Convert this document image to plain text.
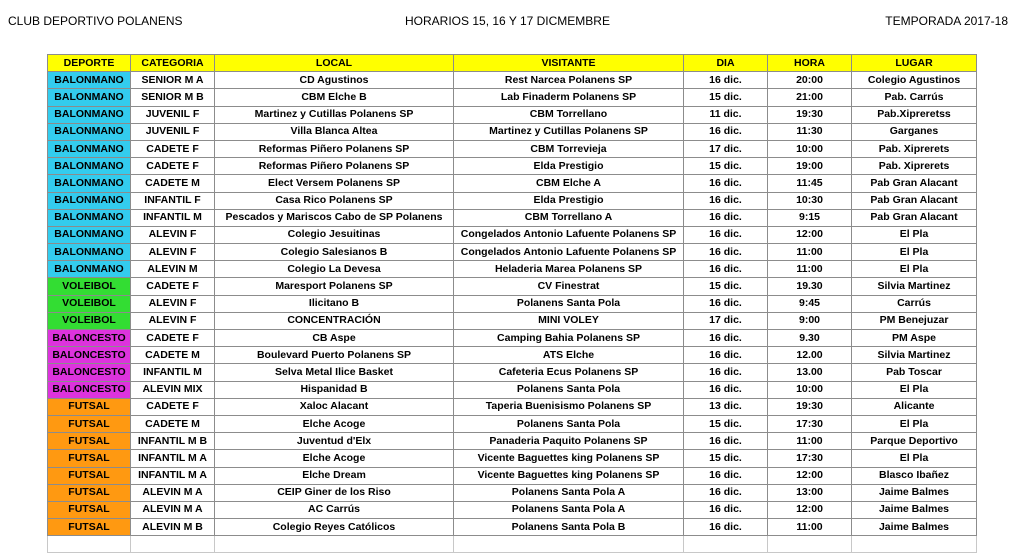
CLUB DEPORTIVO POLANENS	HORARIOS 15, 16 Y 17 DICMEMBRE	TEMPORADA 2017-18
DEPORTE	CATEGORIA	LOCAL	VISITANTE	DIA	HORA	LUGAR
BALONMANO	SENIOR M A	CD Agustinos	Rest Narcea Polanens SP	16 dic.	20:00	Colegio Agustinos
BALONMANO	SENIOR M B	CBM Elche B	Lab Finaderm Polanens SP	15 dic.	21:00	Pab. Carrús
BALONMANO	JUVENIL F	Martinez y Cutillas Polanens SP	CBM Torrellano	11 dic.	19:30	Pab.Xipreretss
BALONMANO	JUVENIL F	Villa Blanca Altea	Martinez y Cutillas Polanens SP	16 dic.	11:30	Garganes
BALONMANO	CADETE F	Reformas Piñero Polanens SP	CBM Torrevieja	17 dic.	10:00	Pab. Xiprerets
BALONMANO	CADETE F	Reformas Piñero Polanens SP	Elda Prestigio	15 dic.	19:00	Pab. Xiprerets
BALONMANO	CADETE M	Elect Versem Polanens SP	CBM Elche A	16 dic.	11:45	Pab Gran Alacant
BALONMANO	INFANTIL F	Casa Rico Polanens SP	Elda Prestigio	16 dic.	10:30	Pab Gran Alacant
BALONMANO	INFANTIL M	Pescados y Mariscos Cabo de SP Polanens	CBM Torrellano A	16 dic.	9:15	Pab Gran Alacant
BALONMANO	ALEVIN F	Colegio Jesuitinas	Congelados Antonio Lafuente Polanens SP	16 dic.	12:00	El Pla
BALONMANO	ALEVIN F	Colegio Salesianos B	Congelados Antonio Lafuente Polanens SP	16 dic.	11:00	El Pla
BALONMANO	ALEVIN M	Colegio La Devesa	Heladeria Marea Polanens SP	16 dic.	11:00	El Pla
VOLEIBOL	CADETE F	Maresport Polanens SP	CV Finestrat	15 dic.	19.30	Silvia Martinez
VOLEIBOL	ALEVIN F	Ilicitano B	Polanens Santa Pola	16 dic.	9:45	Carrús
VOLEIBOL	ALEVIN F	CONCENTRACIÓN	MINI VOLEY	17 dic.	9:00	PM Benejuzar
BALONCESTO	CADETE F	CB Aspe	Camping Bahia Polanens SP	16 dic.	9.30	PM Aspe
BALONCESTO	CADETE M	Boulevard Puerto Polanens SP	ATS Elche	16 dic.	12.00	Silvia Martinez
BALONCESTO	INFANTIL M	Selva Metal Ilice Basket	Cafeteria Ecus Polanens SP	16 dic.	13.00	Pab Toscar
BALONCESTO	ALEVIN MIX	Hispanidad B	Polanens Santa Pola	16 dic.	10:00	El Pla
FUTSAL	CADETE F	Xaloc Alacant	Taperia Buenisismo Polanens SP	13 dic.	19:30	Alicante
FUTSAL	CADETE M	Elche Acoge	Polanens Santa Pola	15 dic.	17:30	El Pla
FUTSAL	INFANTIL M B	Juventud d'Elx	Panaderia Paquito Polanens SP	16 dic.	11:00	Parque Deportivo
FUTSAL	INFANTIL M A	Elche Acoge	Vicente Baguettes king Polanens SP	15 dic.	17:30	El Pla
FUTSAL	INFANTIL M A	Elche Dream	Vicente Baguettes king Polanens SP	16 dic.	12:00	Blasco Ibañez
FUTSAL	ALEVIN M A	CEIP Giner de los Riso	Polanens Santa Pola A	16 dic.	13:00	Jaime Balmes
FUTSAL	ALEVIN M A	AC Carrús	Polanens Santa Pola A	16 dic.	12:00	Jaime Balmes
FUTSAL	ALEVIN M B	Colegio Reyes Católicos	Polanens Santa Pola B	16 dic.	11:00	Jaime Balmes
